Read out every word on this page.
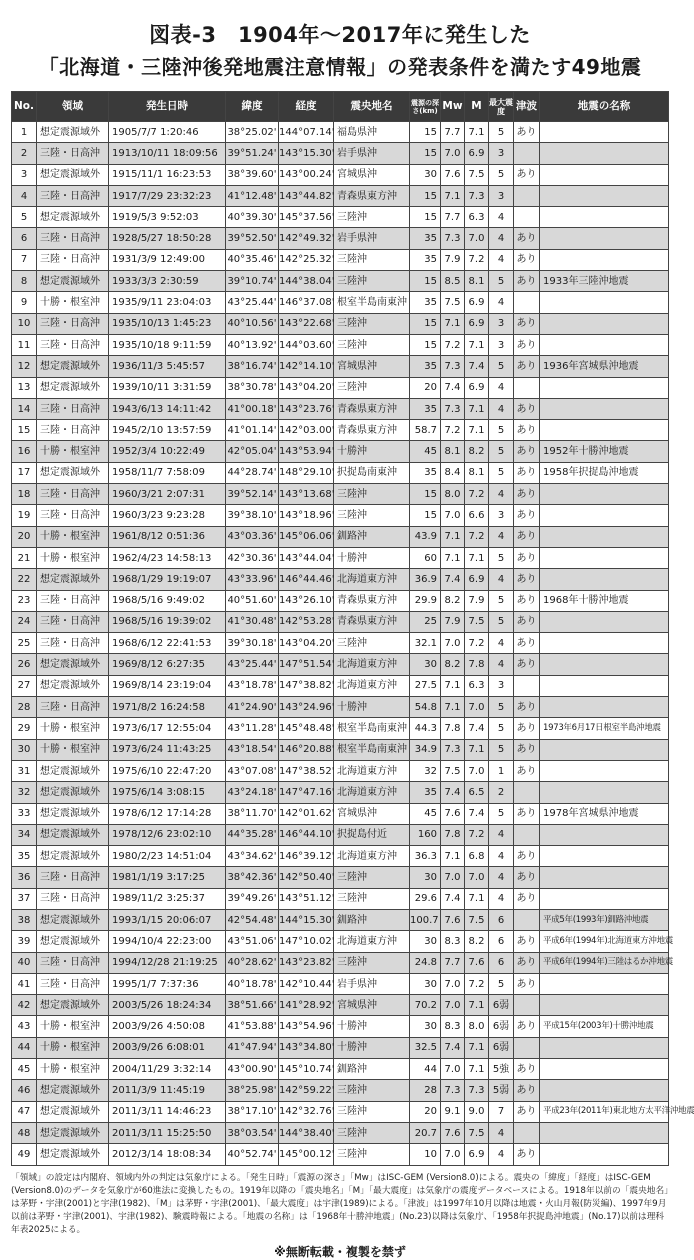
図表-3　1904年～2017年に発生した
「北海道・三陸沖後発地震注意情報」の発表条件を満たす49地震
No.	領域	発生日時	緯度	経度	震央地名	震源の深さ(km)	Mw	M	最大震度	津波	地震の名称
1	想定震源域外	1905/7/7 1:20:46	38°25.02'	144°07.14'	福島県沖	15	7.7	7.1	5	あり	
2	三陸・日高沖	1913/10/11 18:09:56	39°51.24'	143°15.30'	岩手県沖	15	7.0	6.9	3		
3	想定震源域外	1915/11/1 16:23:53	38°39.60'	143°00.24'	宮城県沖	30	7.6	7.5	5	あり	
4	三陸・日高沖	1917/7/29 23:32:23	41°12.48'	143°44.82'	青森県東方沖	15	7.1	7.3	3		
5	想定震源域外	1919/5/3 9:52:03	40°39.30'	145°37.56'	三陸沖	15	7.7	6.3	4		
6	三陸・日高沖	1928/5/27 18:50:28	39°52.50'	142°49.32'	岩手県沖	35	7.3	7.0	4	あり	
7	三陸・日高沖	1931/3/9 12:49:00	40°35.46'	142°25.32'	三陸沖	35	7.9	7.2	4	あり	
8	想定震源域外	1933/3/3 2:30:59	39°10.74'	144°38.04'	三陸沖	15	8.5	8.1	5	あり	1933年三陸沖地震
9	十勝・根室沖	1935/9/11 23:04:03	43°25.44'	146°37.08'	根室半島南東沖	35	7.5	6.9	4		
10	三陸・日高沖	1935/10/13 1:45:23	40°10.56'	143°22.68'	三陸沖	15	7.1	6.9	3	あり	
11	三陸・日高沖	1935/10/18 9:11:59	40°13.92'	144°03.60'	三陸沖	15	7.2	7.1	3	あり	
12	想定震源域外	1936/11/3 5:45:57	38°16.74'	142°14.10'	宮城県沖	35	7.3	7.4	5	あり	1936年宮城県沖地震
13	想定震源域外	1939/10/11 3:31:59	38°30.78'	143°04.20'	三陸沖	20	7.4	6.9	4		
14	三陸・日高沖	1943/6/13 14:11:42	41°00.18'	143°23.76'	青森県東方沖	35	7.3	7.1	4	あり	
15	三陸・日高沖	1945/2/10 13:57:59	41°01.14'	142°03.00'	青森県東方沖	58.7	7.2	7.1	5	あり	
16	十勝・根室沖	1952/3/4 10:22:49	42°05.04'	143°53.94'	十勝沖	45	8.1	8.2	5	あり	1952年十勝沖地震
17	想定震源域外	1958/11/7 7:58:09	44°28.74'	148°29.10'	択捉島南東沖	35	8.4	8.1	5	あり	1958年択捉島沖地震
18	三陸・日高沖	1960/3/21 2:07:31	39°52.14'	143°13.68'	三陸沖	15	8.0	7.2	4	あり	
19	三陸・日高沖	1960/3/23 9:23:28	39°38.10'	143°18.96'	三陸沖	15	7.0	6.6	3	あり	
20	十勝・根室沖	1961/8/12 0:51:36	43°03.36'	145°06.06'	釧路沖	43.9	7.1	7.2	4	あり	
21	十勝・根室沖	1962/4/23 14:58:13	42°30.36'	143°44.04'	十勝沖	60	7.1	7.1	5	あり	
22	想定震源域外	1968/1/29 19:19:07	43°33.96'	146°44.46'	北海道東方沖	36.9	7.4	6.9	4	あり	
23	三陸・日高沖	1968/5/16 9:49:02	40°51.60'	143°26.10'	青森県東方沖	29.9	8.2	7.9	5	あり	1968年十勝沖地震
24	三陸・日高沖	1968/5/16 19:39:02	41°30.48'	142°53.28'	青森県東方沖	25	7.9	7.5	5	あり	
25	三陸・日高沖	1968/6/12 22:41:53	39°30.18'	143°04.20'	三陸沖	32.1	7.0	7.2	4	あり	
26	想定震源域外	1969/8/12 6:27:35	43°25.44'	147°51.54'	北海道東方沖	30	8.2	7.8	4	あり	
27	想定震源域外	1969/8/14 23:19:04	43°18.78'	147°38.82'	北海道東方沖	27.5	7.1	6.3	3		
28	三陸・日高沖	1971/8/2 16:24:58	41°24.90'	143°24.96'	十勝沖	54.8	7.1	7.0	5	あり	
29	十勝・根室沖	1973/6/17 12:55:04	43°11.28'	145°48.48'	根室半島南東沖	44.3	7.8	7.4	5	あり	1973年6月17日根室半島沖地震
30	十勝・根室沖	1973/6/24 11:43:25	43°18.54'	146°20.88'	根室半島南東沖	34.9	7.3	7.1	5	あり	
31	想定震源域外	1975/6/10 22:47:20	43°07.08'	147°38.52'	北海道東方沖	32	7.5	7.0	1	あり	
32	想定震源域外	1975/6/14 3:08:15	43°24.18'	147°47.16'	北海道東方沖	35	7.4	6.5	2		
33	想定震源域外	1978/6/12 17:14:28	38°11.70'	142°01.62'	宮城県沖	45	7.6	7.4	5	あり	1978年宮城県沖地震
34	想定震源域外	1978/12/6 23:02:10	44°35.28'	146°44.10'	択捉島付近	160	7.8	7.2	4		
35	想定震源域外	1980/2/23 14:51:04	43°34.62'	146°39.12'	北海道東方沖	36.3	7.1	6.8	4	あり	
36	三陸・日高沖	1981/1/19 3:17:25	38°42.36'	142°50.40'	三陸沖	30	7.0	7.0	4	あり	
37	三陸・日高沖	1989/11/2 3:25:37	39°49.26'	143°51.12'	三陸沖	29.6	7.4	7.1	4	あり	
38	想定震源域外	1993/1/15 20:06:07	42°54.48'	144°15.30'	釧路沖	100.7	7.6	7.5	6		平成5年(1993年)釧路沖地震
39	想定震源域外	1994/10/4 22:23:00	43°51.06'	147°10.02'	北海道東方沖	30	8.3	8.2	6	あり	平成6年(1994年)北海道東方沖地震
40	三陸・日高沖	1994/12/28 21:19:25	40°28.62'	143°23.82'	三陸沖	24.8	7.7	7.6	6	あり	平成6年(1994年)三陸はるか沖地震
41	三陸・日高沖	1995/1/7 7:37:36	40°18.78'	142°10.44'	岩手県沖	30	7.0	7.2	5	あり	
42	想定震源域外	2003/5/26 18:24:34	38°51.66'	141°28.92'	宮城県沖	70.2	7.0	7.1	6弱		
43	十勝・根室沖	2003/9/26 4:50:08	41°53.88'	143°54.96'	十勝沖	30	8.3	8.0	6弱	あり	平成15年(2003年)十勝沖地震
44	十勝・根室沖	2003/9/26 6:08:01	41°47.94'	143°34.80'	十勝沖	32.5	7.4	7.1	6弱		
45	十勝・根室沖	2004/11/29 3:32:14	43°00.90'	145°10.74'	釧路沖	44	7.0	7.1	5強	あり	
46	想定震源域外	2011/3/9 11:45:19	38°25.98'	142°59.22'	三陸沖	28	7.3	7.3	5弱	あり	
47	想定震源域外	2011/3/11 14:46:23	38°17.10'	142°32.76'	三陸沖	20	9.1	9.0	7	あり	平成23年(2011年)東北地方太平洋沖地震
48	想定震源域外	2011/3/11 15:25:50	38°03.54'	144°38.40'	三陸沖	20.7	7.6	7.5	4		
49	想定震源域外	2012/3/14 18:08:34	40°52.74'	145°00.12'	三陸沖	10	7.0	6.9	4	あり	
「領域」の設定は内閣府、領域内外の判定は気象庁による。「発生日時」「震源の深さ」「Mw」はISC-GEM (Version8.0)による。震央の「緯度」「経度」はISC-GEM (Version8.0)のデータを気象庁が60進法に変換したもの。1919年以降の「震央地名」「M」「最大震度」は気象庁の震度データベースによる。1918年以前の「震央地名」は茅野・宇津(2001)と宇津(1982)、「M」は茅野・宇津(2001)、「最大震度」は宇津(1989)による。「津波」は1997年10月以降は地震・火山月報(防災編)、1997年9月以前は茅野・宇津(2001)、宇津(1982)、験震時報による。「地震の名称」は「1968年十勝沖地震」(No.23)以降は気象庁、「1958年択捉島沖地震」(No.17)以前は理科年表2025による。
※無断転載・複製を禁ず
